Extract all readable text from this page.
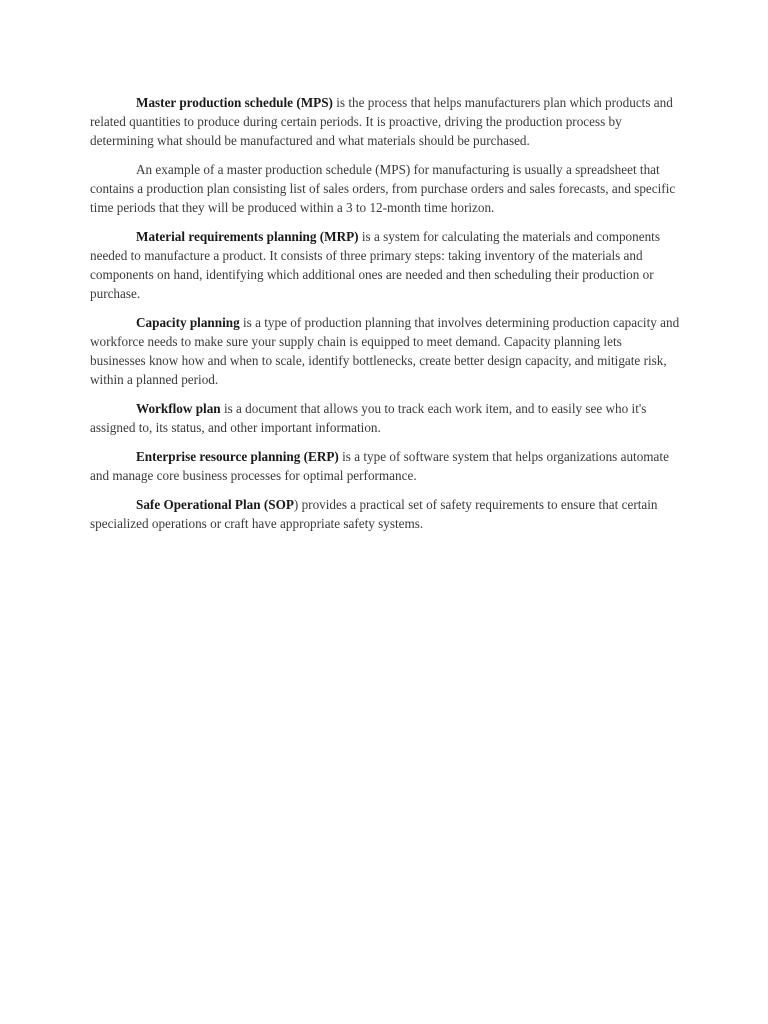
Master production schedule (MPS) is the process that helps manufacturers plan which products and related quantities to produce during certain periods. It is proactive, driving the production process by determining what should be manufactured and what materials should be purchased.

An example of a master production schedule (MPS) for manufacturing is usually a spreadsheet that contains a production plan consisting list of sales orders, from purchase orders and sales forecasts, and specific time periods that they will be produced within a 3 to 12-month time horizon.

Material requirements planning (MRP) is a system for calculating the materials and components needed to manufacture a product. It consists of three primary steps: taking inventory of the materials and components on hand, identifying which additional ones are needed and then scheduling their production or purchase.

Capacity planning is a type of production planning that involves determining production capacity and workforce needs to make sure your supply chain is equipped to meet demand. Capacity planning lets businesses know how and when to scale, identify bottlenecks, create better design capacity, and mitigate risk, within a planned period.

Workflow plan is a document that allows you to track each work item, and to easily see who it's assigned to, its status, and other important information.

Enterprise resource planning (ERP) is a type of software system that helps organizations automate and manage core business processes for optimal performance.

Safe Operational Plan (SOP) provides a practical set of safety requirements to ensure that certain specialized operations or craft have appropriate safety systems.
